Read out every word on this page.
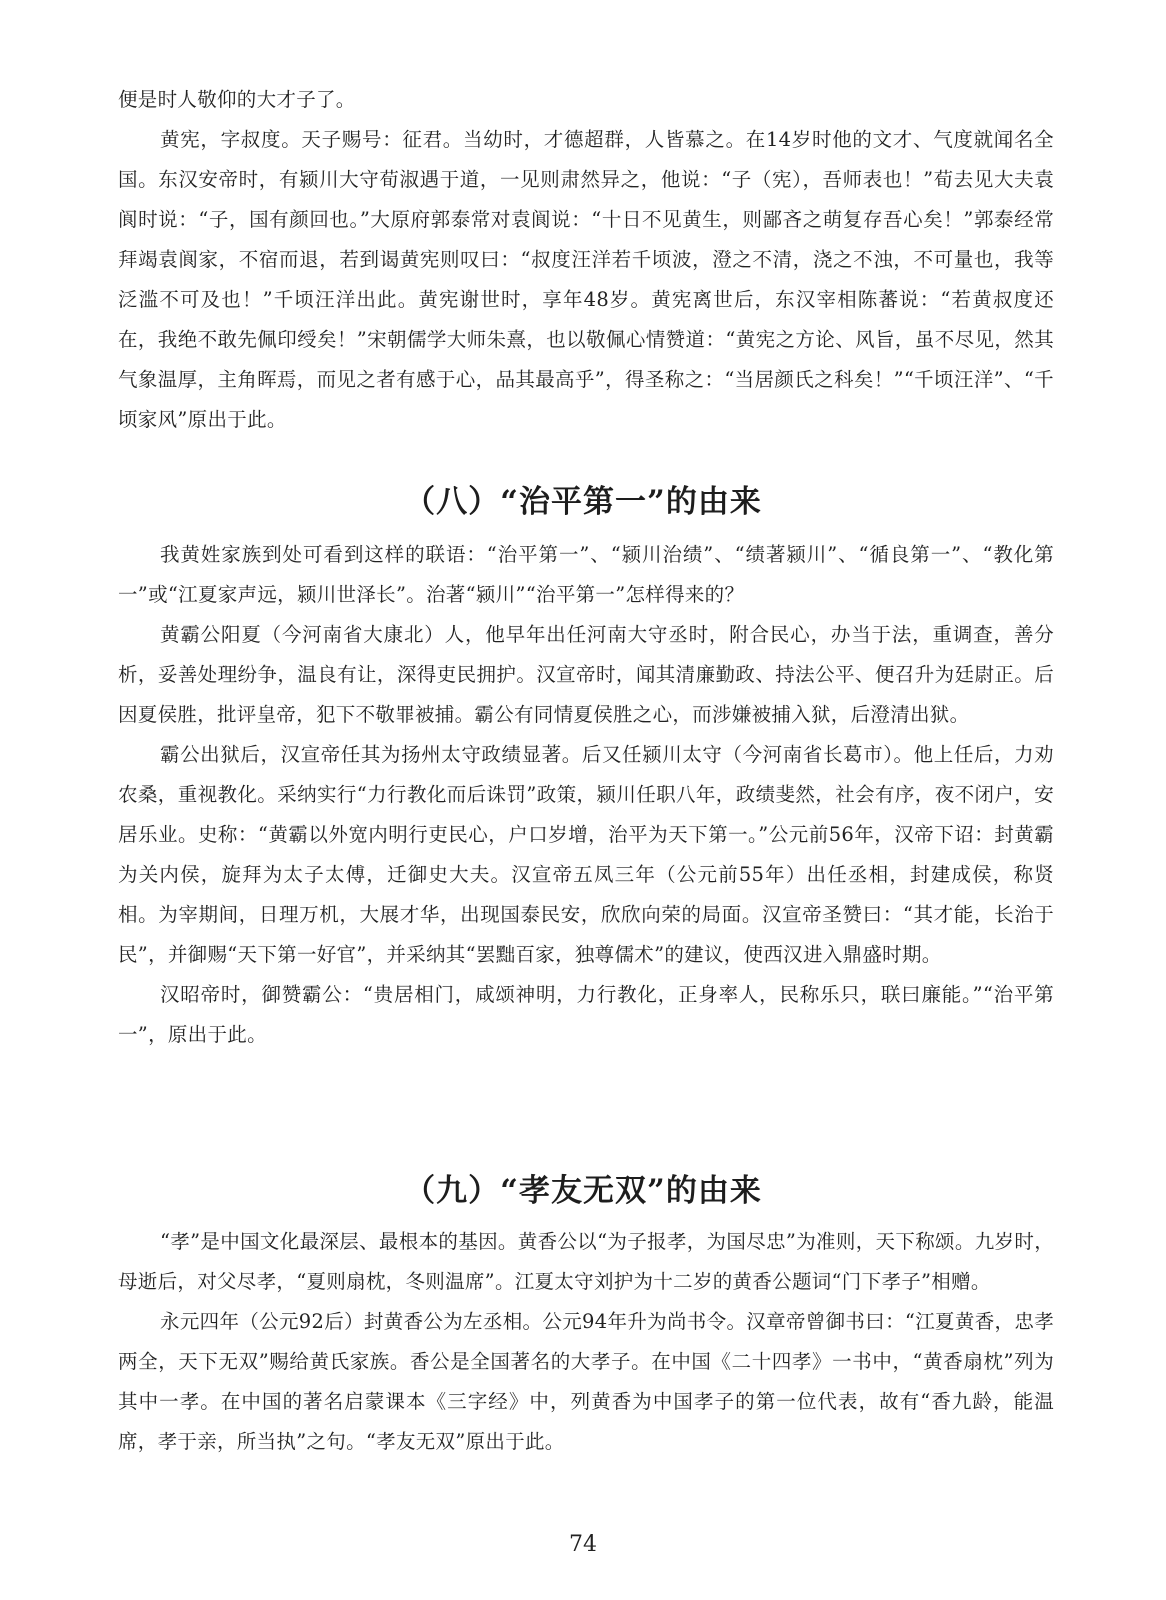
便是时人敬仰的大才子了。

黄宪，字叔度。天子赐号：征君。当幼时，才德超群，人皆慕之。在14岁时他的文才、气度就闻名全国。东汉安帝时，有颍川大守荀淑遇于道，一见则肃然异之，他说：“子（宪），吾师表也！”荀去见大夫袁阆时说：“子，国有颜回也。”大原府郭泰常对袁阆说：“十日不见黄生，则鄙吝之萌复存吾心矣！”郭泰经常拜竭袁阆家，不宿而退，若到谒黄宪则叹曰：“叔度汪洋若千顷波，澄之不清，浇之不浊，不可量也，我等泛滥不可及也！”千顷汪洋出此。黄宪谢世时，享年48岁。黄宪离世后，东汉宰相陈蕃说：“若黄叔度还在，我绝不敢先佩印绶矣！”宋朝儒学大师朱熹，也以敬佩心情赞道：“黄宪之方论、风旨，虽不尽见，然其气象温厚，主角晖焉，而见之者有感于心，品其最高乎”，得圣称之：“当居颜氏之科矣！”“千顷汪洋”、“千顷家风”原出于此。

（八）“治平第一”的由来

我黄姓家族到处可看到这样的联语：“治平第一”、“颍川治绩”、“绩著颍川”、“循良第一”、“教化第一”或“江夏家声远，颍川世泽长”。治著“颍川”“治平第一”怎样得来的？

黄霸公阳夏（今河南省大康北）人，他早年出任河南大守丞时，附合民心，办当于法，重调查，善分析，妥善处理纷争，温良有让，深得吏民拥护。汉宣帝时，闻其清廉勤政、持法公平、便召升为廷尉正。后因夏侯胜，批评皇帝，犯下不敬罪被捕。霸公有同情夏侯胜之心，而涉嫌被捕入狱，后澄清出狱。

霸公出狱后，汉宣帝任其为扬州太守政绩显著。后又任颍川太守（今河南省长葛市）。他上任后，力劝农桑，重视教化。采纳实行“力行教化而后诛罚”政策，颍川任职八年，政绩斐然，社会有序，夜不闭户，安居乐业。史称：“黄霸以外宽内明行吏民心，户口岁增，治平为天下第一。”公元前56年，汉帝下诏：封黄霸为关内侯，旋拜为太子太傅，迁御史大夫。汉宣帝五凤三年（公元前55年）出任丞相，封建成侯，称贤相。为宰期间，日理万机，大展才华，出现国泰民安，欣欣向荣的局面。汉宣帝圣赞曰：“其才能，长治于民”，并御赐“天下第一好官”，并采纳其“罢黜百家，独尊儒术”的建议，使西汉进入鼎盛时期。

汉昭帝时，御赞霸公：“贵居相门，咸颂神明，力行教化，正身率人，民称乐只，联曰廉能。”“治平第一”，原出于此。

（九）“孝友无双”的由来

“孝”是中国文化最深层、最根本的基因。黄香公以“为子报孝，为国尽忠”为准则，天下称颂。九岁时，母逝后，对父尽孝，“夏则扇枕，冬则温席”。江夏太守刘护为十二岁的黄香公题词“门下孝子”相赠。

永元四年（公元92后）封黄香公为左丞相。公元94年升为尚书令。汉章帝曾御书曰：“江夏黄香，忠孝两全，天下无双”赐给黄氏家族。香公是全国著名的大孝子。在中国《二十四孝》一书中，“黄香扇枕”列为其中一孝。在中国的著名启蒙课本《三字经》中，列黄香为中国孝子的第一位代表，故有“香九龄，能温席，孝于亲，所当执”之句。“孝友无双”原出于此。

74
